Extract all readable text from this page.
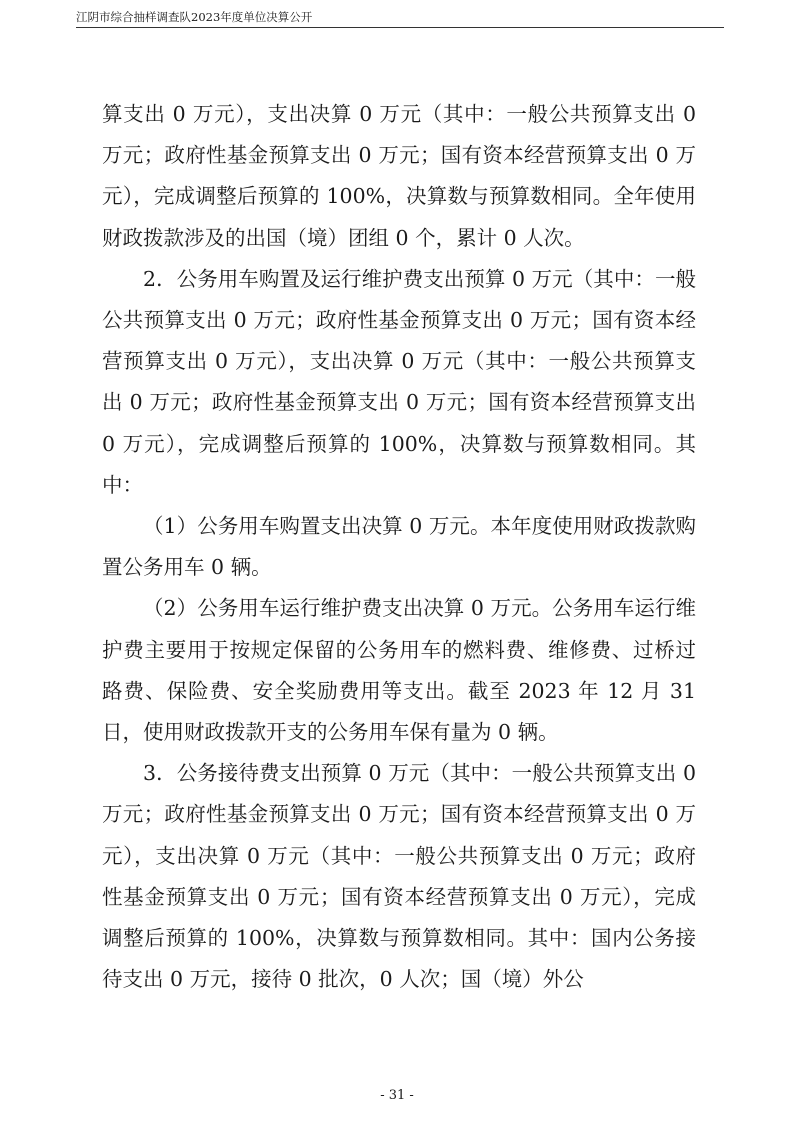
江阴市综合抽样调查队2023年度单位决算公开

算支出 0 万元），支出决算 0 万元（其中：一般公共预算支出 0 万元；政府性基金预算支出 0 万元；国有资本经营预算支出 0 万元），完成调整后预算的 100%，决算数与预算数相同。全年使用财政拨款涉及的出国（境）团组 0 个，累计 0 人次。

2．公务用车购置及运行维护费支出预算 0 万元（其中：一般公共预算支出 0 万元；政府性基金预算支出 0 万元；国有资本经营预算支出 0 万元），支出决算 0 万元（其中：一般公共预算支出 0 万元；政府性基金预算支出 0 万元；国有资本经营预算支出 0 万元），完成调整后预算的 100%，决算数与预算数相同。其中：

（1）公务用车购置支出决算 0 万元。本年度使用财政拨款购置公务用车 0 辆。

（2）公务用车运行维护费支出决算 0 万元。公务用车运行维护费主要用于按规定保留的公务用车的燃料费、维修费、过桥过路费、保险费、安全奖励费用等支出。截至 2023 年 12 月 31 日，使用财政拨款开支的公务用车保有量为 0 辆。

3．公务接待费支出预算 0 万元（其中：一般公共预算支出 0 万元；政府性基金预算支出 0 万元；国有资本经营预算支出 0 万元），支出决算 0 万元（其中：一般公共预算支出 0 万元；政府性基金预算支出 0 万元；国有资本经营预算支出 0 万元），完成调整后预算的 100%，决算数与预算数相同。其中：国内公务接待支出 0 万元，接待 0 批次，0 人次；国（境）外公

- 31 -
